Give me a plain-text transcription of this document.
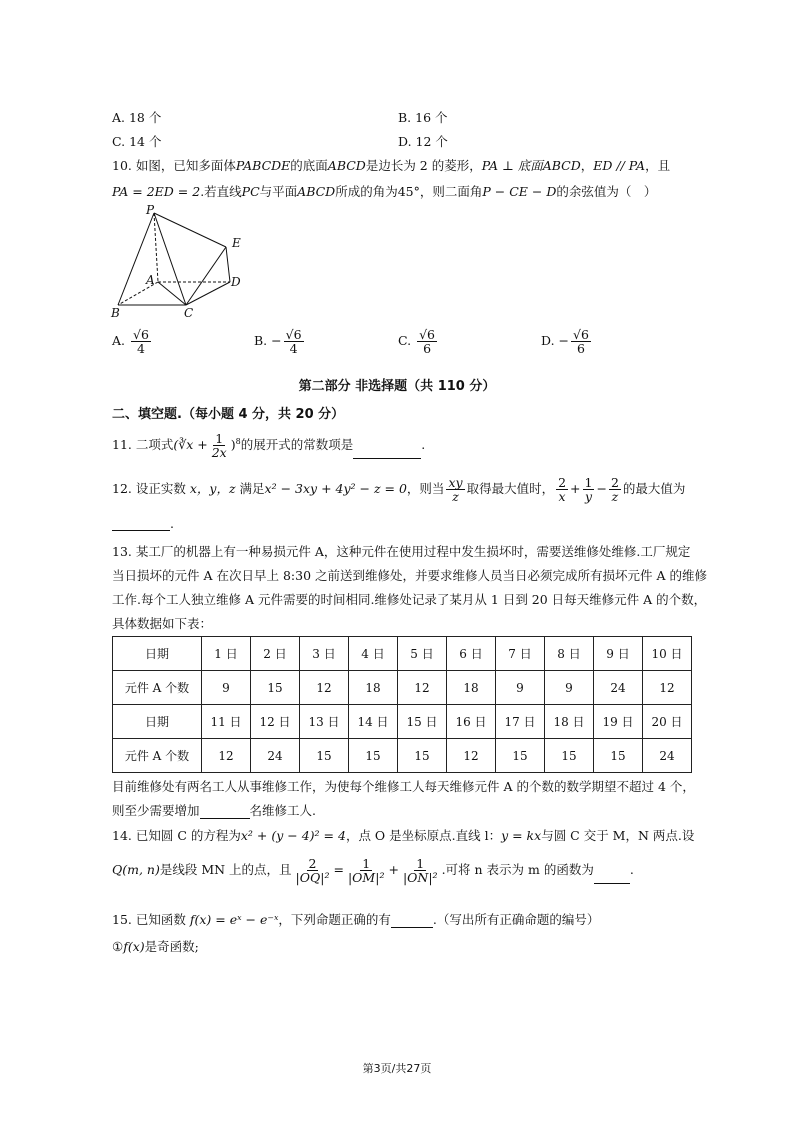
A. 18 个	B. 16 个
C. 14 个	D. 12 个
10. 如图，已知多面体PABCDE的底面ABCD是边长为 2 的菱形，PA ⊥ 底面ABCD，ED // PA，且
PA = 2ED = 2.若直线PC与平面ABCD所成的角为45°，则二面角P − CE − D的余弦值为（　）
P
E
A	D
B	C
A. $\frac{√6}{4}$	B. − $\frac{√6}{4}$	C. $\frac{√6}{6}$	D. − $\frac{√6}{6}$
第二部分 非选择题（共 110 分）
二、填空题.（每小题 4 分，共 20 分）
11. 二项式(∛x + $\frac{1}{2x} )^8$的展开式的常数项是	.
12. 设正实数 x，y，z 满足x² − 3xy + 4y² − z = 0，则当 $\frac{xy}{z}$ 取得最大值时， $\frac{2}{x} + \frac{1}{y} - \frac{2}{z}$ 的最大值为
.
13. 某工厂的机器上有一种易损元件 A，这种元件在使用过程中发生损坏时，需要送维修处维修.工厂规定
当日损坏的元件 A 在次日早上 8:30 之前送到维修处，并要求维修人员当日必须完成所有损坏元件 A 的维修
工作.每个工人独立维修 A 元件需要的时间相同.维修处记录了某月从 1 日到 20 日每天维修元件 A 的个数，
具体数据如下表：
日期	1 日	2 日	3 日	4 日	5 日	6 日	7 日	8 日	9 日	10 日
元件 A 个数	9	15	12	18	12	18	9	9	24	12
日期	11 日	12 日	13 日	14 日	15 日	16 日	17 日	18 日	19 日	20 日
元件 A 个数	12	24	15	15	15	12	15	15	15	24
目前维修处有两名工人从事维修工作，为使每个维修工人每天维修元件 A 的个数的数学期望不超过 4 个，
则至少需要增加	名维修工人.
14. 已知圆 C 的方程为x² + (y − 4)² = 4，点 O 是坐标原点.直线 l：y = kx与圆 C 交于 M，N 两点.设
Q(m, n)是线段 MN 上的点，且 $\frac{2}{\text{|OQ|²}} = \frac{1}{\text{|OM|²}} + \frac{1}{\text{|ON|²}}$ .可将 n 表示为 m 的函数为	.
15. 已知函数 f(x) = eˣ − e⁻ˣ，下列命题正确的有	.（写出所有正确命题的编号）
①f(x)是奇函数;
第3页/共27页
